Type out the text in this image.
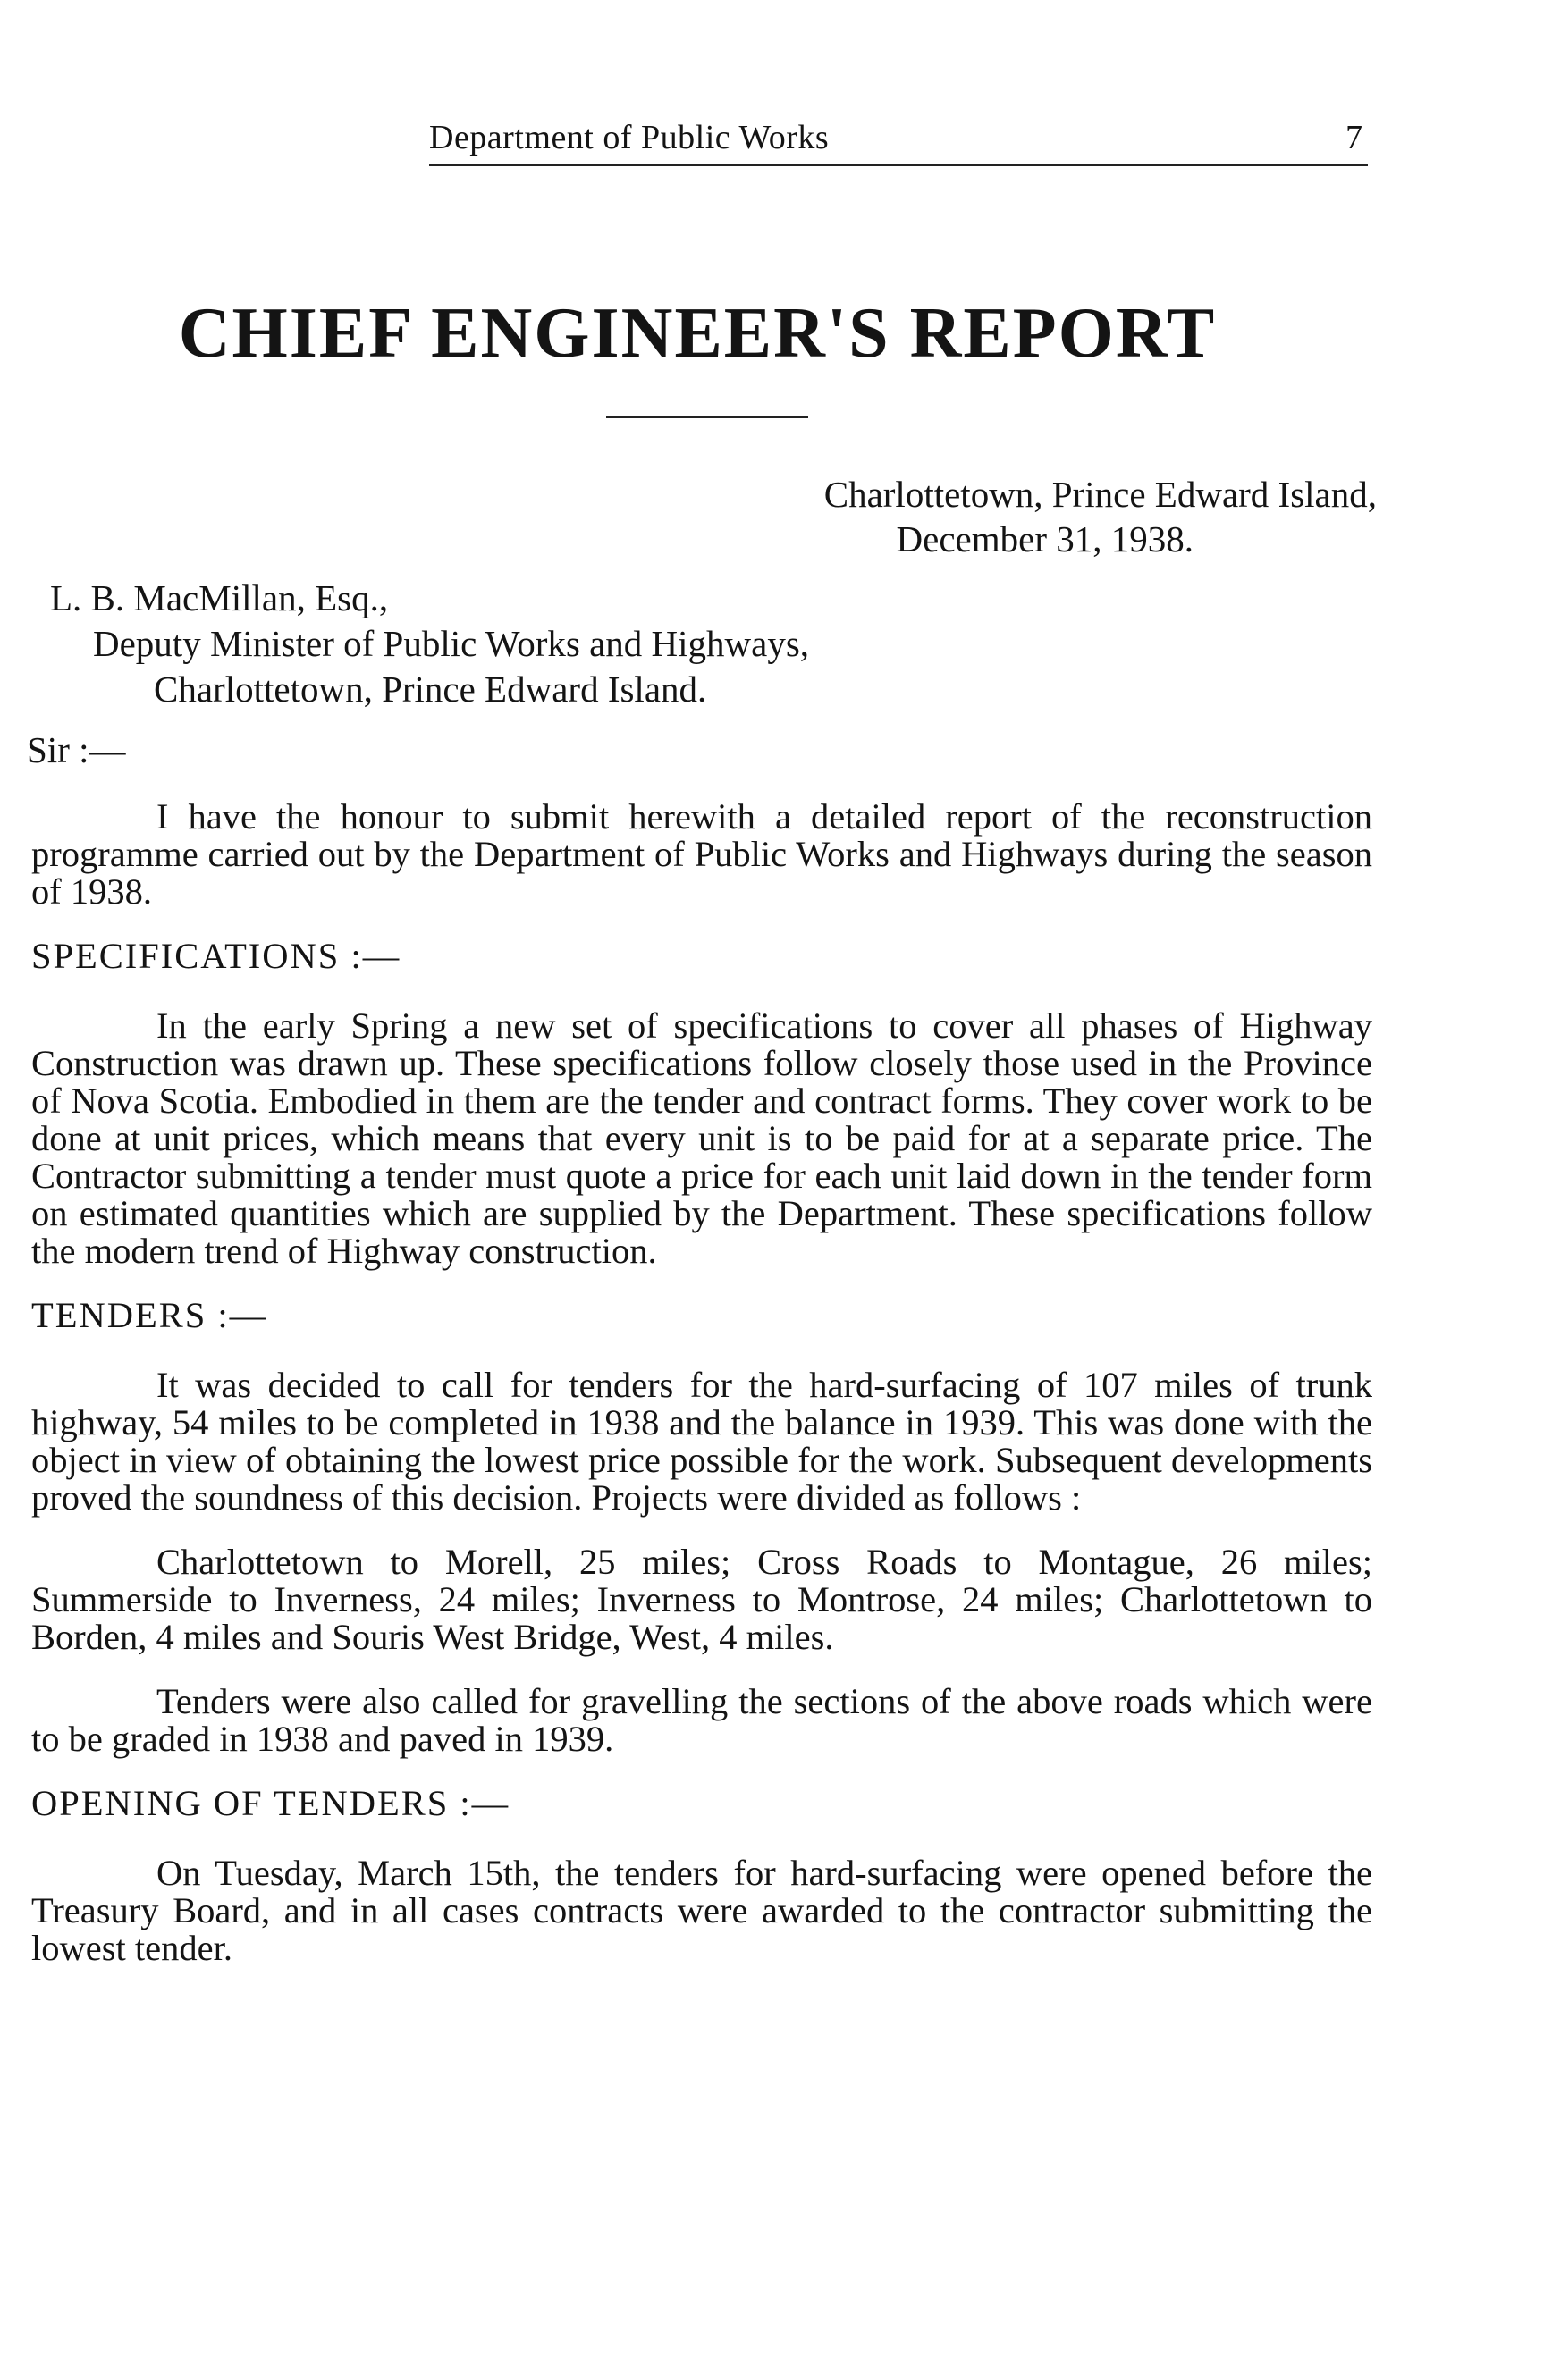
Department of Public Works	7
CHIEF ENGINEER'S REPORT
Charlottetown, Prince Edward Island,
December 31, 1938.
L. B. MacMillan, Esq.,
Deputy Minister of Public Works and Highways,
Charlottetown, Prince Edward Island.
Sir :—

I have the honour to submit herewith a detailed report of the reconstruction programme carried out by the Department of Public Works and Highways during the season of 1938.

SPECIFICATIONS :—

In the early Spring a new set of specifications to cover all phases of Highway Construction was drawn up. These specifications follow closely those used in the Province of Nova Scotia. Embodied in them are the tender and contract forms. They cover work to be done at unit prices, which means that every unit is to be paid for at a separate price. The Contractor submitting a tender must quote a price for each unit laid down in the tender form on estimated quantities which are supplied by the Department. These specifications follow the modern trend of Highway construction.

TENDERS :—

It was decided to call for tenders for the hard-surfacing of 107 miles of trunk highway, 54 miles to be completed in 1938 and the balance in 1939. This was done with the object in view of obtaining the lowest price possible for the work. Subsequent developments proved the soundness of this decision. Projects were divided as follows :

Charlottetown to Morell, 25 miles; Cross Roads to Montague, 26 miles; Summerside to Inverness, 24 miles; Inverness to Montrose, 24 miles; Charlottetown to Borden, 4 miles and Souris West Bridge, West, 4 miles.

Tenders were also called for gravelling the sections of the above roads which were to be graded in 1938 and paved in 1939.

OPENING OF TENDERS :—

On Tuesday, March 15th, the tenders for hard-surfacing were opened before the Treasury Board, and in all cases contracts were awarded to the contractor submitting the lowest tender.
